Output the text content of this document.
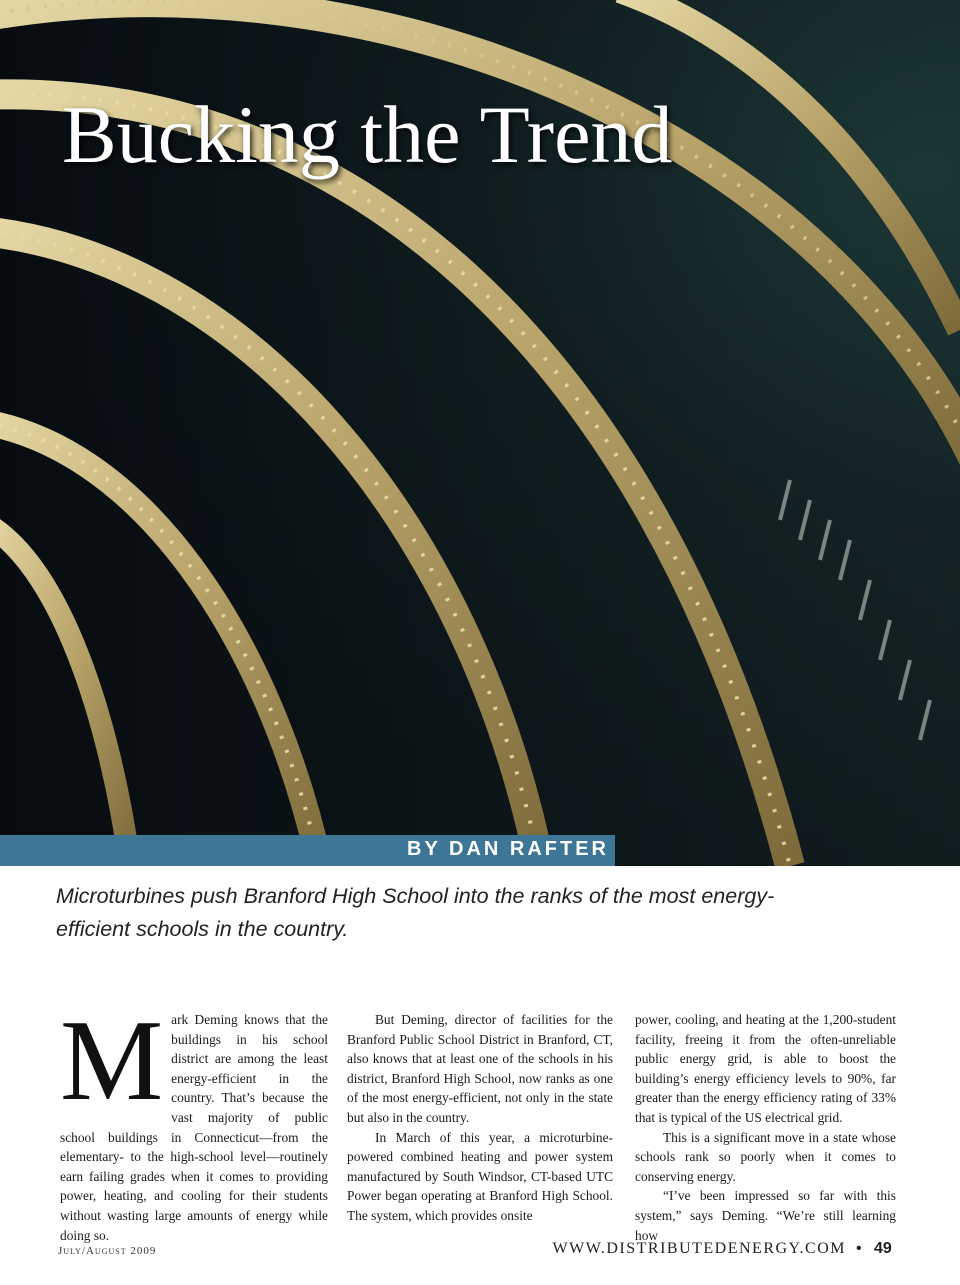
Bucking the Trend
BY DAN RAFTER

Microturbines push Branford High School into the ranks of the most energy-efficient schools in the country.

M ark Deming knows that the buildings in his school district are among the least energy-efficient in the country. That’s because the vast majority of public school buildings in Connecticut—from the elementary- to the high-school level—routinely earn failing grades when it comes to providing power, heating, and cooling for their students without wasting large amounts of energy while doing so.

But Deming, director of facilities for the Branford Public School District in Branford, CT, also knows that at least one of the schools in his district, Branford High School, now ranks as one of the most energy-efficient, not only in the state but also in the country.

In March of this year, a microturbine-powered combined heating and power system manufactured by South Windsor, CT-based UTC Power began operating at Branford High School. The system, which provides onsite

power, cooling, and heating at the 1,200-student facility, freeing it from the often-unreliable public energy grid, is able to boost the building’s energy efficiency levels to 90%, far greater than the energy efficiency rating of 33% that is typical of the US electrical grid.

This is a significant move in a state whose schools rank so poorly when it comes to conserving energy.

“I’ve been impressed so far with this system,” says Deming. “We’re still learning how

July/August 2009	WWW.DISTRIBUTEDENERGY.COM • 49
